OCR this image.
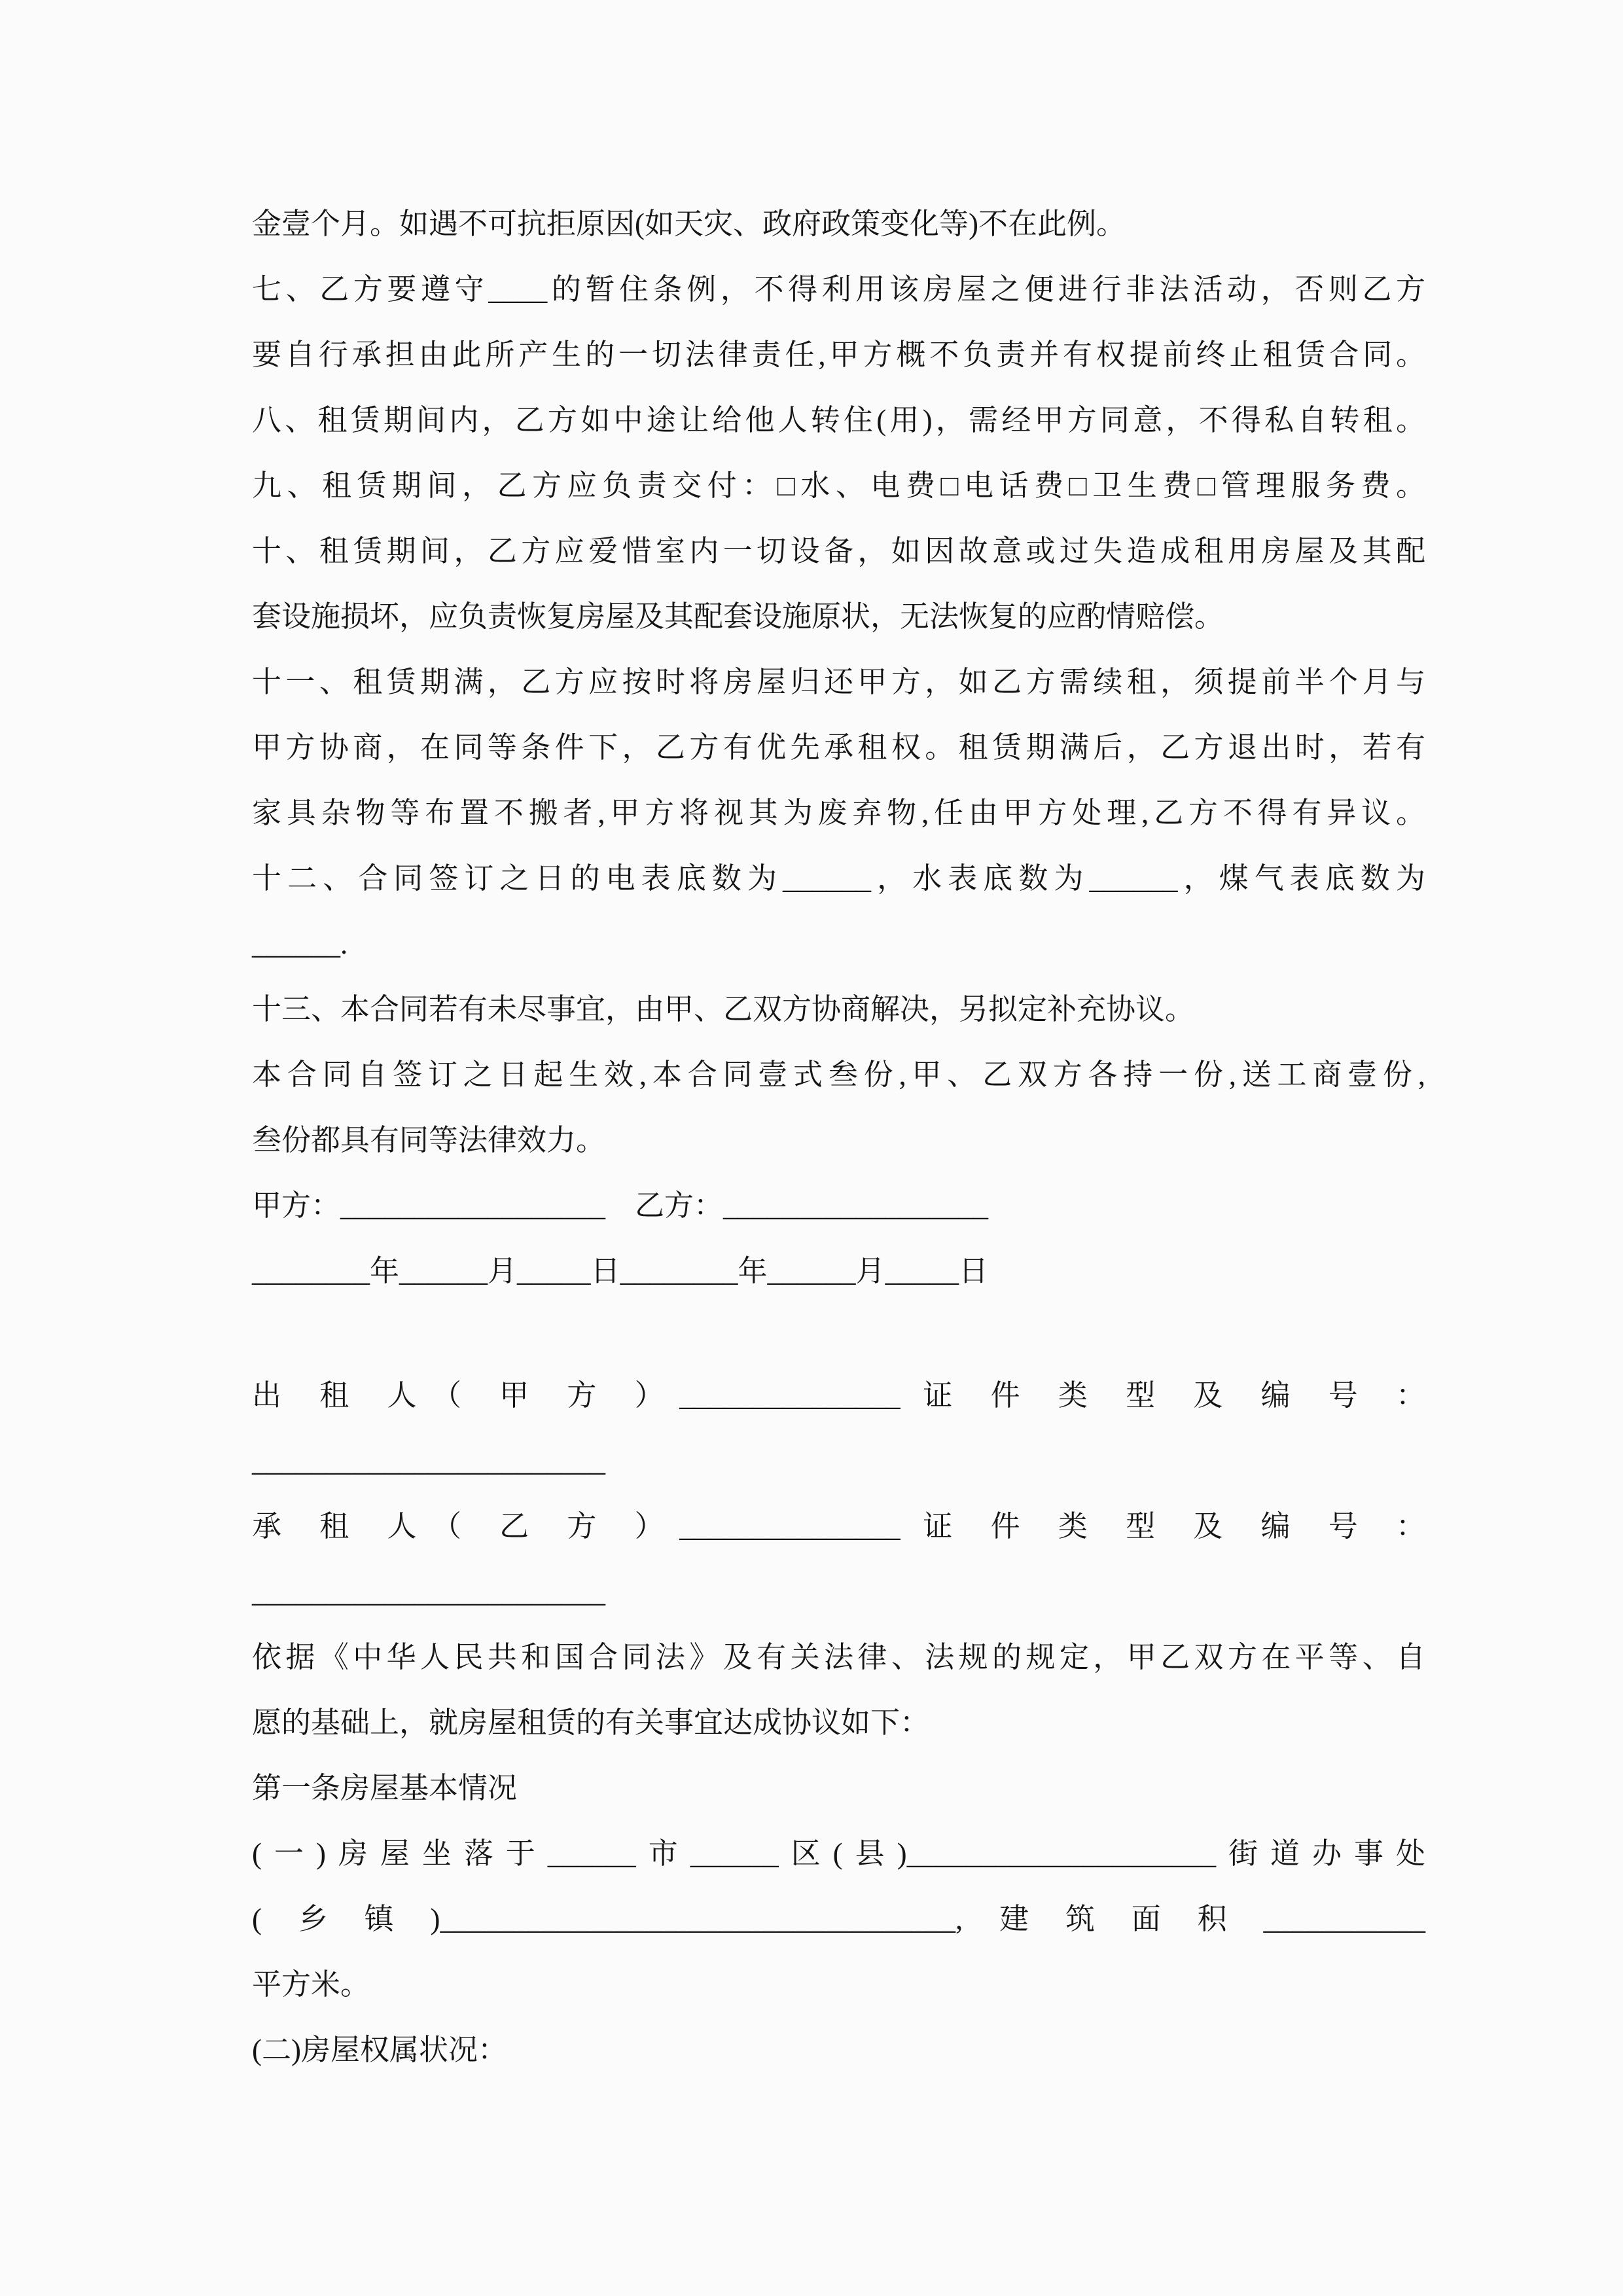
金壹个月。如遇不可抗拒原因(如天灾、政府政策变化等)不在此例。
七、乙方要遵守____的暂住条例，不得利用该房屋之便进行非法活动，否则乙方
要自行承担由此所产生的一切法律责任,甲方概不负责并有权提前终止租赁合同。
八、租赁期间内，乙方如中途让给他人转住(用)，需经甲方同意，不得私自转租。
九、租赁期间，乙方应负责交付：□水、电费□电话费□卫生费□管理服务费。
十、租赁期间，乙方应爱惜室内一切设备，如因故意或过失造成租用房屋及其配
套设施损坏，应负责恢复房屋及其配套设施原状，无法恢复的应酌情赔偿。
十一、租赁期满，乙方应按时将房屋归还甲方，如乙方需续租，须提前半个月与
甲方协商，在同等条件下，乙方有优先承租权。租赁期满后，乙方退出时，若有
家具杂物等布置不搬者,甲方将视其为废弃物,任由甲方处理,乙方不得有异议。
十二、合同签订之日的电表底数为______，水表底数为______，煤气表底数为
______.
十三、本合同若有未尽事宜，由甲、乙双方协商解决，另拟定补充协议。
本合同自签订之日起生效,本合同壹式叁份,甲、乙双方各持一份,送工商壹份,
叁份都具有同等法律效力。
甲方：__________________　乙方：__________________
________年______月_____日________年______月_____日
出 租 人（ 甲 方 ）_______________ 证 件 类 型 及 编 号 ：
________________________
承 租 人（ 乙 方 ）_______________ 证 件 类 型 及 编 号 ：
________________________
依据《中华人民共和国合同法》及有关法律、法规的规定，甲乙双方在平等、自
愿的基础上，就房屋租赁的有关事宜达成协议如下：
第一条房屋基本情况
(一)房屋坐落于______市______区(县)_____________________街道办事处
(乡镇)___________________________________,建筑面积___________
平方米。
(二)房屋权属状况：
